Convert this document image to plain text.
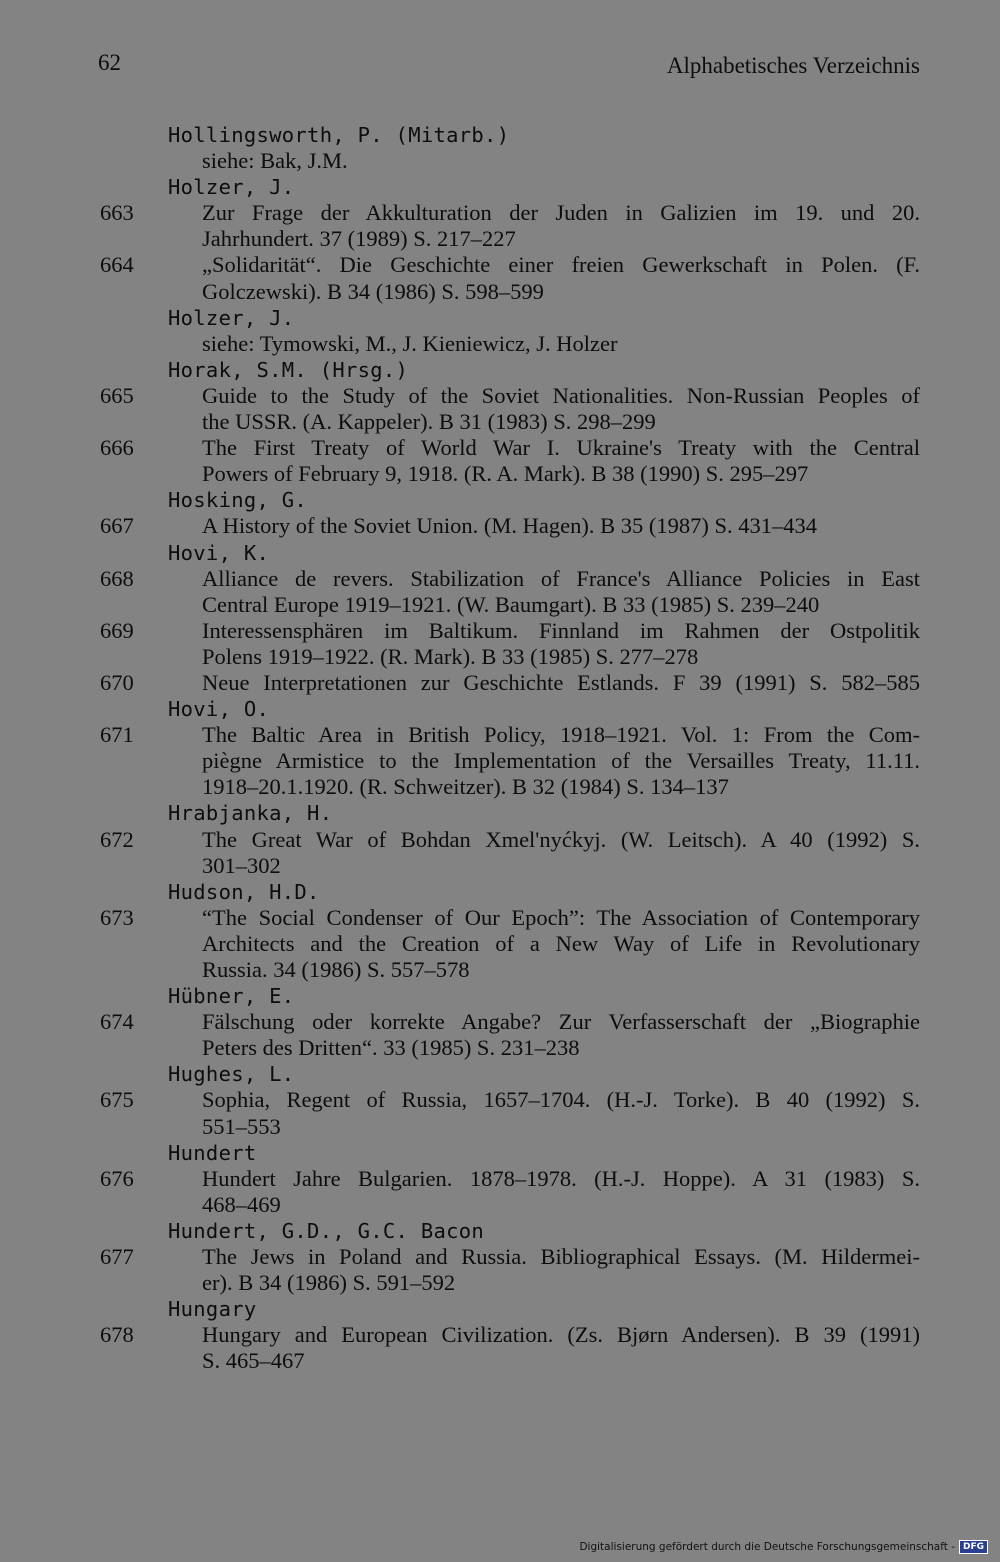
62	Alphabetisches Verzeichnis
Hollingsworth, P. (Mitarb.)
siehe: Bak, J.M.
Holzer, J.
663	Zur Frage der Akkulturation der Juden in Galizien im 19. und 20.
Jahrhundert. 37 (1989) S. 217–227
664	„Solidarität“. Die Geschichte einer freien Gewerkschaft in Polen. (F.
Golczewski). B 34 (1986) S. 598–599
Holzer, J.
siehe: Tymowski, M., J. Kieniewicz, J. Holzer
Horak, S.M. (Hrsg.)
665	Guide to the Study of the Soviet Nationalities. Non-Russian Peoples of
the USSR. (A. Kappeler). B 31 (1983) S. 298–299
666	The First Treaty of World War I. Ukraine's Treaty with the Central
Powers of February 9, 1918. (R. A. Mark). B 38 (1990) S. 295–297
Hosking, G.
667	A History of the Soviet Union. (M. Hagen). B 35 (1987) S. 431–434
Hovi, K.
668	Alliance de revers. Stabilization of France's Alliance Policies in East
Central Europe 1919–1921. (W. Baumgart). B 33 (1985) S. 239–240
669	Interessensphären im Baltikum. Finnland im Rahmen der Ostpolitik
Polens 1919–1922. (R. Mark). B 33 (1985) S. 277–278
670	Neue Interpretationen zur Geschichte Estlands. F 39 (1991) S. 582–585
Hovi, O.
671	The Baltic Area in British Policy, 1918–1921. Vol. 1: From the Com-
piègne Armistice to the Implementation of the Versailles Treaty, 11.11.
1918–20.1.1920. (R. Schweitzer). B 32 (1984) S. 134–137
Hrabjanka, H.
672	The Great War of Bohdan Xmel'nyćkyj. (W. Leitsch). A 40 (1992) S.
301–302
Hudson, H.D.
673	“The Social Condenser of Our Epoch”: The Association of Contemporary
Architects and the Creation of a New Way of Life in Revolutionary
Russia. 34 (1986) S. 557–578
Hübner, E.
674	Fälschung oder korrekte Angabe? Zur Verfasserschaft der „Biographie
Peters des Dritten“. 33 (1985) S. 231–238
Hughes, L.
675	Sophia, Regent of Russia, 1657–1704. (H.-J. Torke). B 40 (1992) S.
551–553
Hundert
676	Hundert Jahre Bulgarien. 1878–1978. (H.-J. Hoppe). A 31 (1983) S.
468–469
Hundert, G.D., G.C. Bacon
677	The Jews in Poland and Russia. Bibliographical Essays. (M. Hildermei-
er). B 34 (1986) S. 591–592
Hungary
678	Hungary and European Civilization. (Zs. Bjørn Andersen). B 39 (1991)
S. 465–467
Digitalisierung gefördert durch die Deutsche Forschungsgemeinschaft - DFG
